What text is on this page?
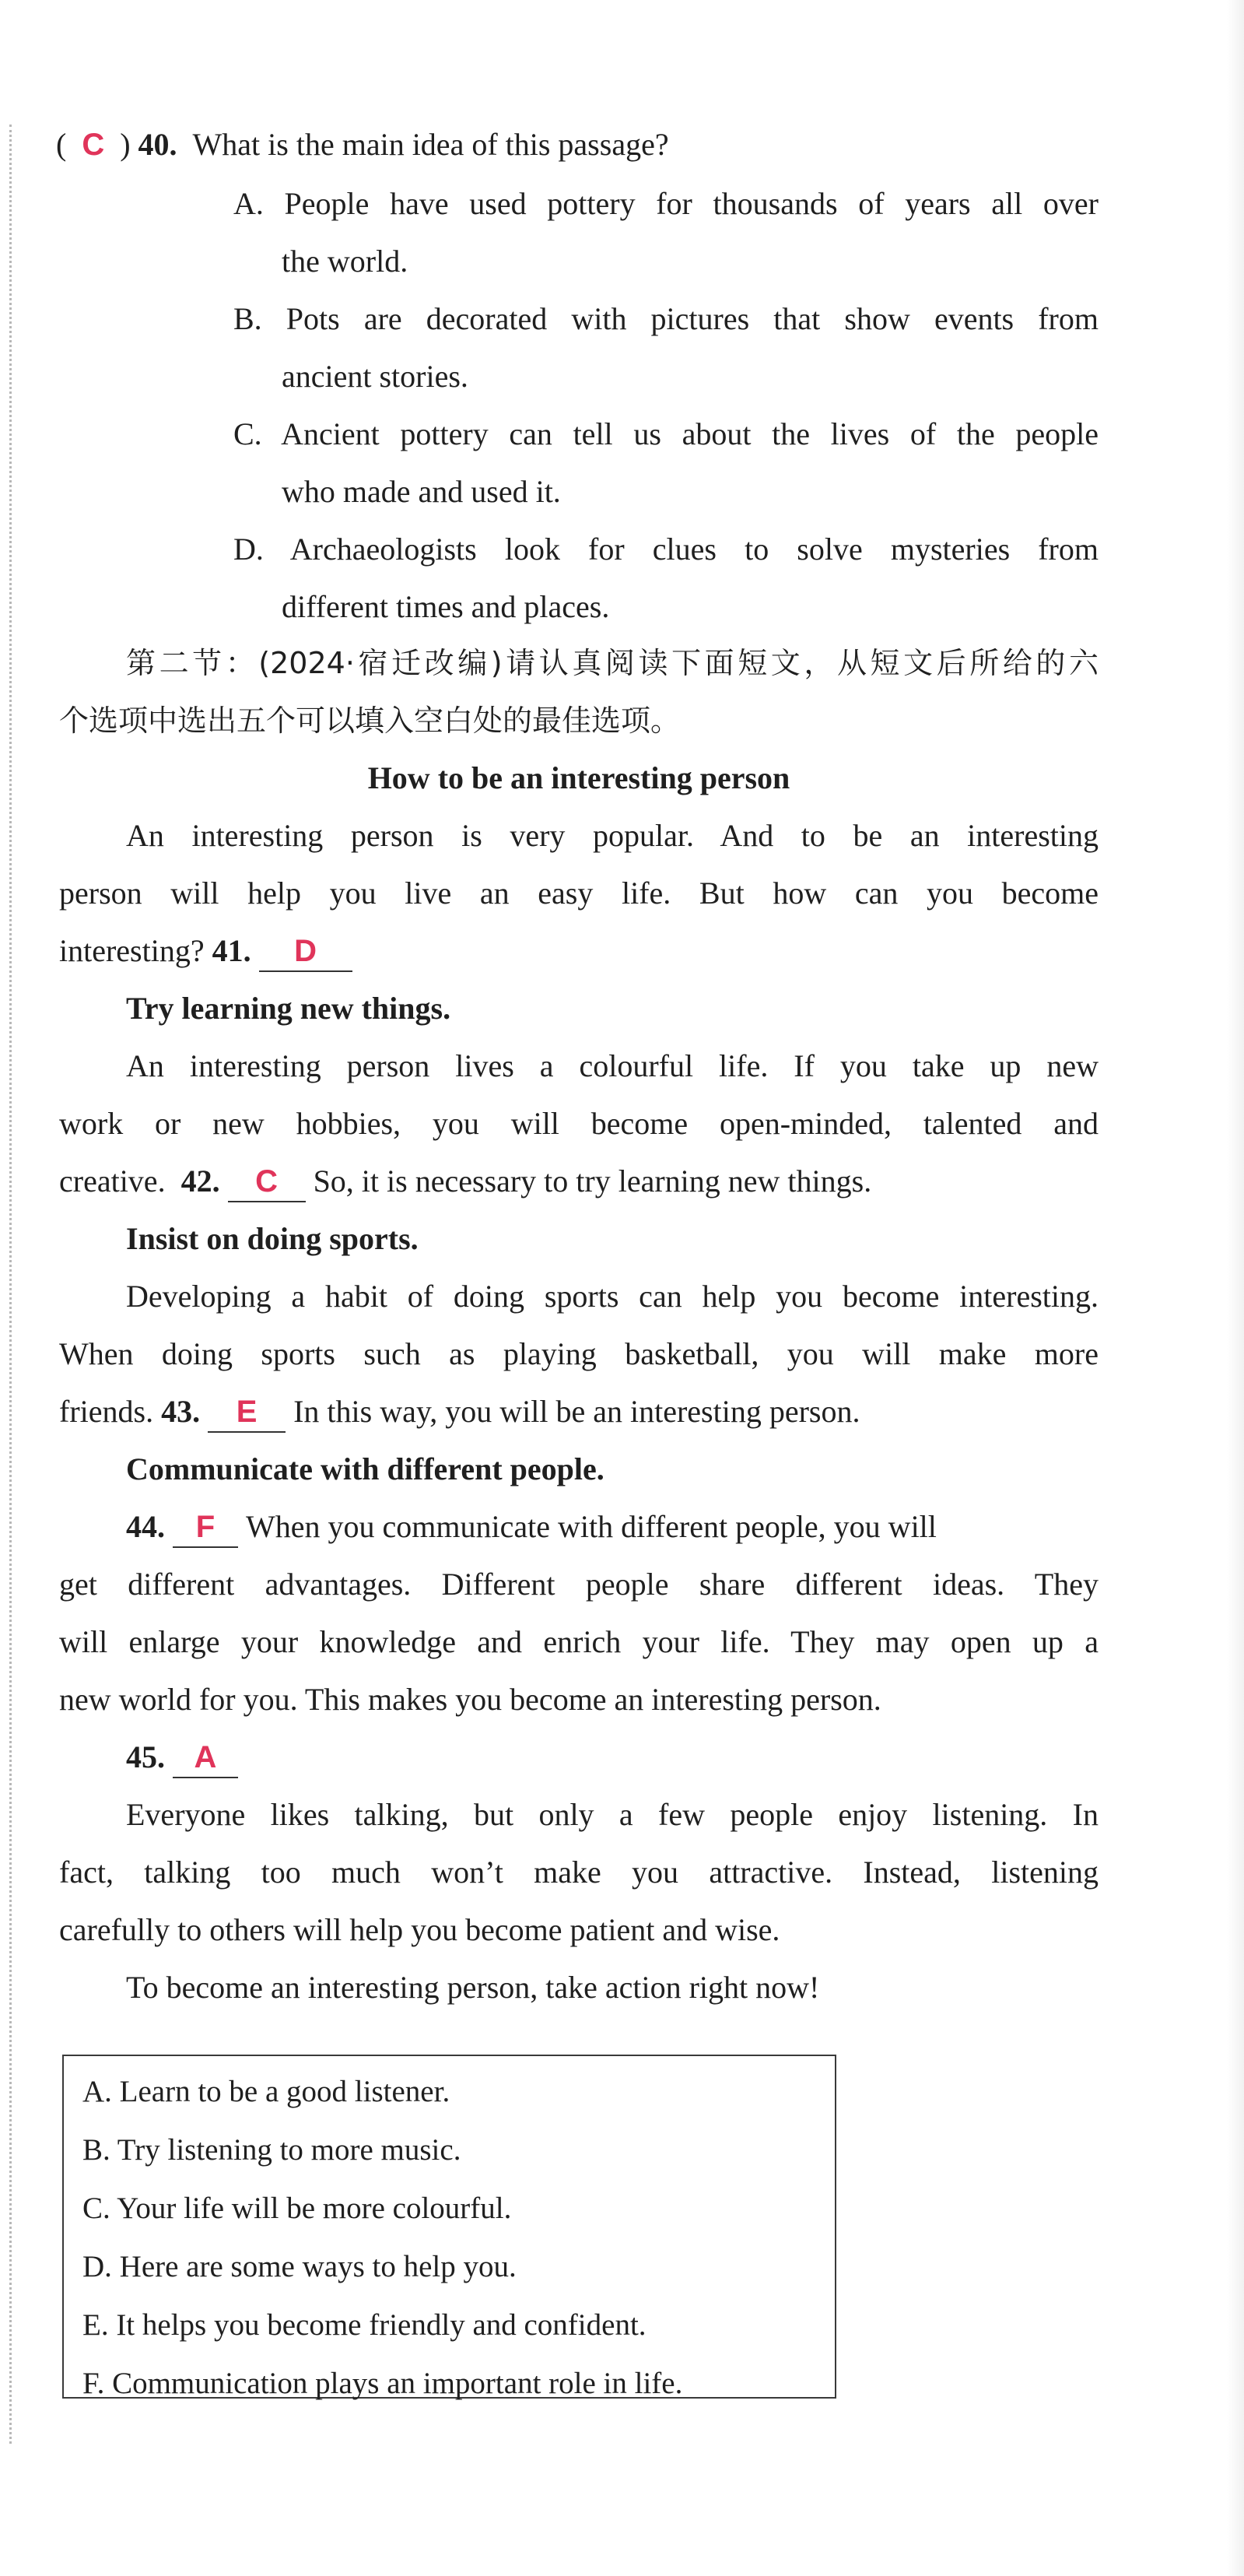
( C ) 40. What is the main idea of this passage?
A. People have used pottery for thousands of years all over
the world.
B. Pots are decorated with pictures that show events from
ancient stories.
C. Ancient pottery can tell us about the lives of the people
who made and used it.
D. Archaeologists look for clues to solve mysteries from
different times and places.
第二节：(2024·宿迁改编)请认真阅读下面短文，从短文后所给的六
个选项中选出五个可以填入空白处的最佳选项。
How to be an interesting person
An interesting person is very popular. And to be an interesting
person will help you live an easy life. But how can you become
interesting? 41. D
Try learning new things.
An interesting person lives a colourful life. If you take up new
work or new hobbies, you will become open-minded, talented and
creative. 42. C So, it is necessary to try learning new things.
Insist on doing sports.
Developing a habit of doing sports can help you become interesting.
When doing sports such as playing basketball, you will make more
friends. 43. E In this way, you will be an interesting person.
Communicate with different people.
44. F When you communicate with different people, you will
get different advantages. Different people share different ideas. They
will enlarge your knowledge and enrich your life. They may open up a
new world for you. This makes you become an interesting person.
45. A
Everyone likes talking, but only a few people enjoy listening. In
fact, talking too much won’t make you attractive. Instead, listening
carefully to others will help you become patient and wise.
To become an interesting person, take action right now!
A. Learn to be a good listener.
B. Try listening to more music.
C. Your life will be more colourful.
D. Here are some ways to help you.
E. It helps you become friendly and confident.
F. Communication plays an important role in life.
